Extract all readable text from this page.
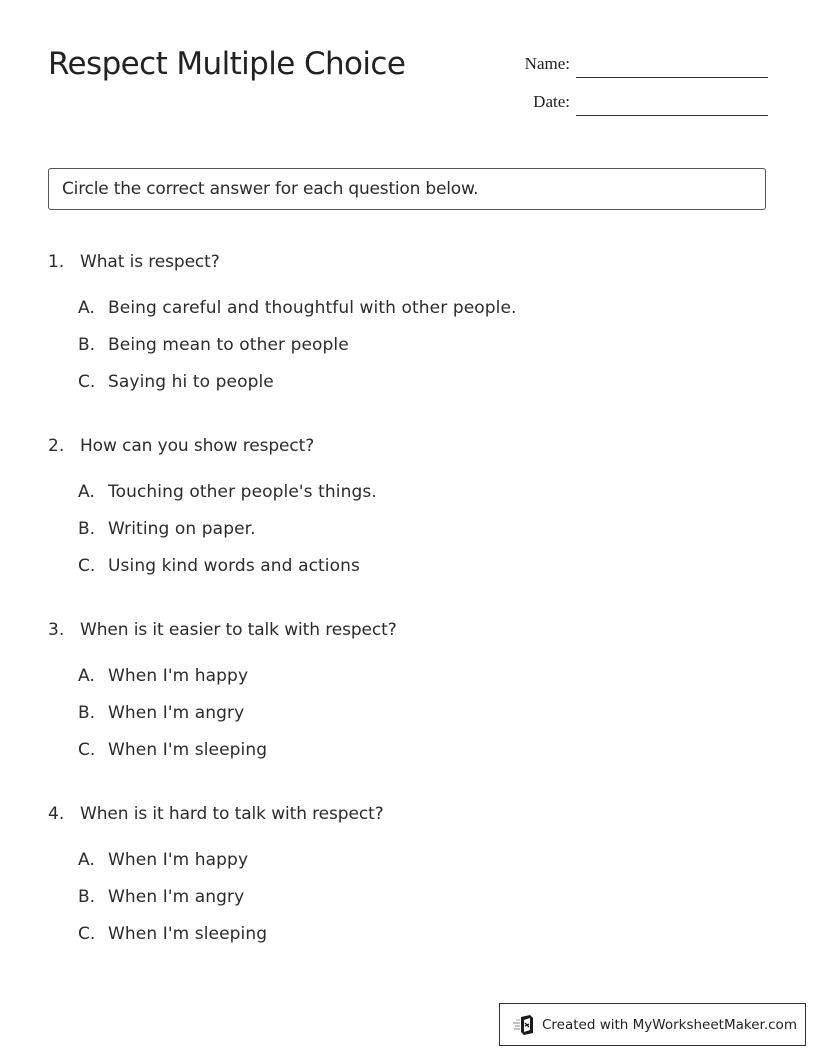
Respect Multiple Choice	Name:
Date:
Circle the correct answer for each question below.
1. What is respect?
A. Being careful and thoughtful with other people.
B. Being mean to other people
C. Saying hi to people
2. How can you show respect?
A. Touching other people's things.
B. Writing on paper.
C. Using kind words and actions
3. When is it easier to talk with respect?
A. When I'm happy
B. When I'm angry
C. When I'm sleeping
4. When is it hard to talk with respect?
A. When I'm happy
B. When I'm angry
C. When I'm sleeping
Created with MyWorksheetMaker.com
